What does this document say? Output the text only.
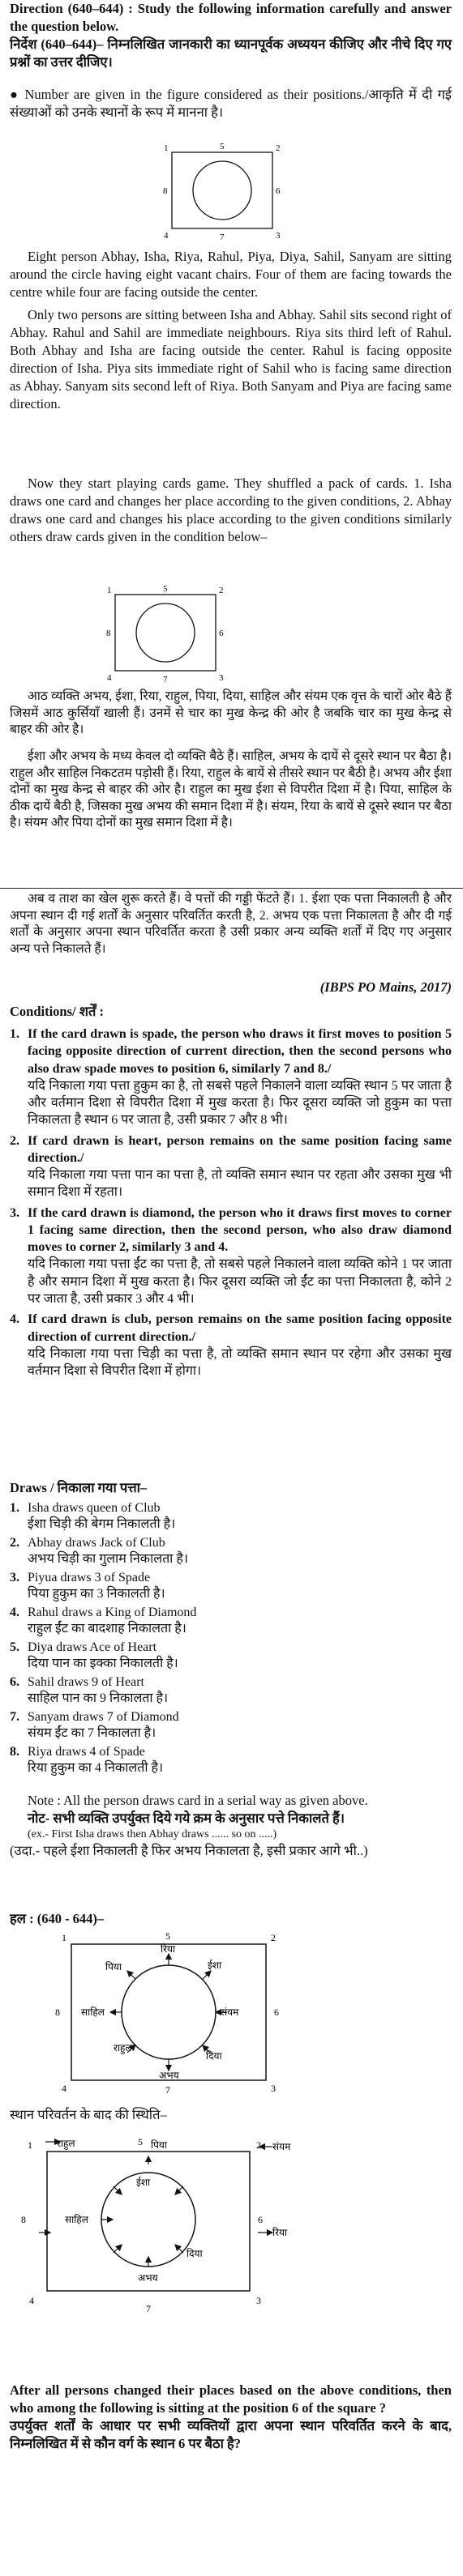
Direction (640–644) : Study the following information carefully and answer the question below.
निर्देश (640–644)– निम्नलिखित जानकारी का ध्यानपूर्वक अध्ययन कीजिए और नीचे दिए गए प्रश्नों का उत्तर दीजिए।
● Number are given in the figure considered as their positions./आकृति में दी गई संख्याओं को उनके स्थानों के रूप में मानना है।
1	2
3
4
5
6
7
8
Eight person Abhay, Isha, Riya, Rahul, Piya, Diya, Sahil, Sanyam are sitting around the circle having eight vacant chairs. Four of them are facing towards the centre while four are facing outside the center.
Only two persons are sitting between Isha and Abhay. Sahil sits second right of Abhay. Rahul and Sahil are immediate neighbours. Riya sits third left of Rahul. Both Abhay and Isha are facing outside the center. Rahul is facing opposite direction of Isha. Piya sits immediate right of Sahil who is facing same direction as Abhay. Sanyam sits second left of Riya. Both Sanyam and Piya are facing same direction.
Now they start playing cards game. They shuffled a pack of cards. 1. Isha draws one card and changes her place according to the given conditions, 2. Abhay draws one card and changes his place according to the given conditions similarly others draw cards given in the condition below–
1	2
3
4
5
6
7
8
आठ व्यक्ति अभय, ईशा, रिया, राहुल, पिया, दिया, साहिल और संयम एक वृत्त के चारों ओर बैठे हैं जिसमें आठ कुर्सियाँ खाली हैं। उनमें से चार का मुख केन्द्र की ओर है जबकि चार का मुख केन्द्र से बाहर की ओर है।
ईशा और अभय के मध्य केवल दो व्यक्ति बैठे हैं। साहिल, अभय के दायें से दूसरे स्थान पर बैठा है। राहुल और साहिल निकटतम पड़ोसी हैं। रिया, राहुल के बायें से तीसरे स्थान पर बैठी है। अभय और ईशा दोनों का मुख केन्द्र से बाहर की ओर है। राहुल का मुख ईशा से विपरीत दिशा में है। पिया, साहिल के ठीक दायें बैठी है, जिसका मुख अभय की समान दिशा में है। संयम, रिया के बायें से दूसरे स्थान पर बैठा है। संयम और पिया दोनों का मुख समान दिशा में है।
अब व ताश का खेल शुरू करते हैं। वे पत्तों की गड्डी फेंटते हैं। 1. ईशा एक पत्ता निकालती है और अपना स्थान दी गई शर्तों के अनुसार परिवर्तित करती है, 2. अभय एक पत्ता निकालता है और दी गई शर्तों के अनुसार अपना स्थान परिवर्तित करता है उसी प्रकार अन्य व्यक्ति शर्तों में दिए गए अनुसार अन्य पत्ते निकालते हैं।
(IBPS PO Mains, 2017)
Conditions/ शर्तें :
1. If the card drawn is spade, the person who draws it first moves to position 5 facing opposite direction of current direction, then the second persons who also draw spade moves to position 6, similarly 7 and 8./
यदि निकाला गया पत्ता हुकुम का है, तो सबसे पहले निकालने वाला व्यक्ति स्थान 5 पर जाता है और वर्तमान दिशा से विपरीत दिशा में मुख करता है। फिर दूसरा व्यक्ति जो हुकुम का पत्ता निकालता है स्थान 6 पर जाता है, उसी प्रकार 7 और 8 भी।
2. If card drawn is heart, person remains on the same position facing same direction./
यदि निकाला गया पत्ता पान का पत्ता है, तो व्यक्ति समान स्थान पर रहता और उसका मुख भी समान दिशा में रहता।
3. If the card drawn is diamond, the person who it draws first moves to corner 1 facing same direction, then the second person, who also draw diamond moves to corner 2, similarly 3 and 4.
यदि निकाला गया पत्ता ईंट का पत्ता है, तो सबसे पहले निकालने वाला व्यक्ति कोने 1 पर जाता है और समान दिशा में मुख करता है। फिर दूसरा व्यक्ति जो ईंट का पत्ता निकालता है, कोने 2 पर जाता है, उसी प्रकार 3 और 4 भी।
4. If card drawn is club, person remains on the same position facing opposite direction of current direction./
यदि निकाला गया पत्ता चिड़ी का पत्ता है, तो व्यक्ति समान स्थान पर रहेगा और उसका मुख वर्तमान दिशा से विपरीत दिशा में होगा।
Draws / निकाला गया पत्ता–
1. Isha draws queen of Club
ईशा चिड़ी की बेगम निकालती है।
2. Abhay draws Jack of Club
अभय चिड़ी का गुलाम निकालता है।
3. Piyua draws 3 of Spade
पिया हुकुम का 3 निकालती है।
4. Rahul draws a King of Diamond
राहुल ईंट का बादशाह निकालता है।
5. Diya draws Ace of Heart
दिया पान का इक्का निकालती है।
6. Sahil draws 9 of Heart
साहिल पान का 9 निकालता है।
7. Sanyam draws 7 of Diamond
संयम ईंट का 7 निकालता है।
8. Riya draws 4 of Spade
रिया हुकुम का 4 निकालती है।
Note : All the person draws card in a serial way as given above.
नोट- सभी व्यक्ति उपर्युक्त दिये गये क्रम के अनुसार पत्ते निकालते हैं।
(ex.- First Isha draws then Abhay draws ...... so on .....)
(उदा.- पहले ईशा निकालती है फिर अभय निकालता है, इसी प्रकार आगे भी..)
हल : (640 - 644)–
1	2
3
4
5
6
7
8
रिया
दिया
ईशा
संयम
अभय
राहुल
साहिल
पिया
स्थान परिवर्तन के बाद की स्थिति–
1	2
3
4
5
6
7
8
राहुल	संयम
पिया
रिया
दिया
ईशा
साहिल
अभय
After all persons changed their places based on the above conditions, then who among the following is sitting at the position 6 of the square ?
उपर्युक्त शर्तों के आधार पर सभी व्यक्तियों द्वारा अपना स्थान परिवर्तित करने के बाद, निम्नलिखित में से कौन वर्ग के स्थान 6 पर बैठा है?
